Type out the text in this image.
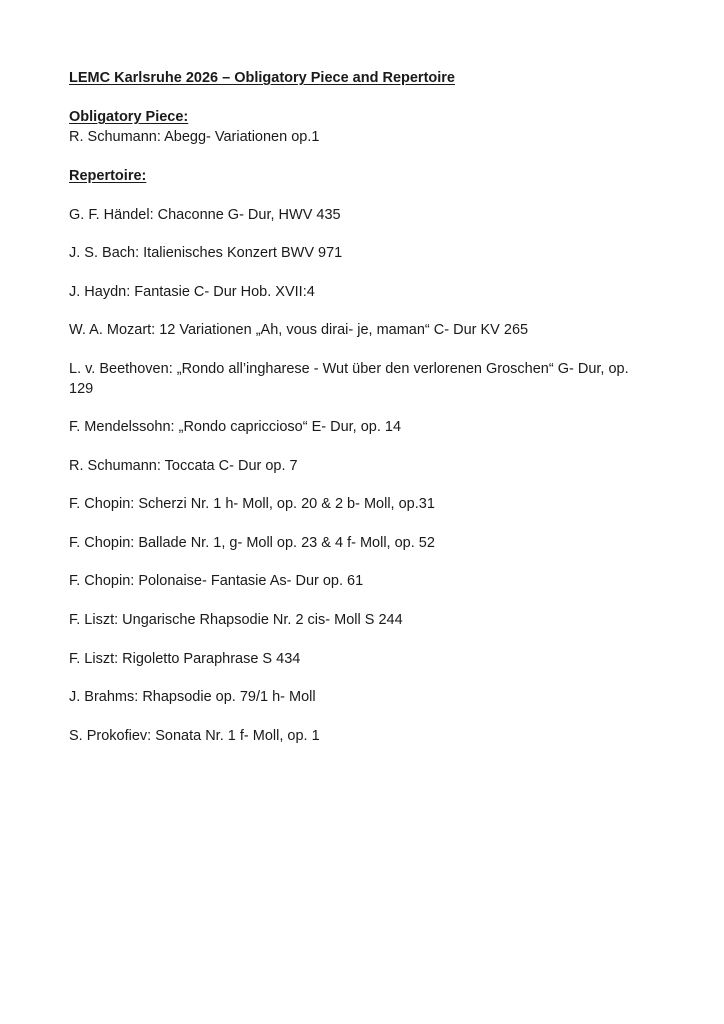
LEMC Karlsruhe 2026 – Obligatory Piece and Repertoire
Obligatory Piece:
R. Schumann: Abegg- Variationen op.1
Repertoire:
G. F. Händel: Chaconne G- Dur, HWV 435
J. S. Bach: Italienisches Konzert BWV 971
J. Haydn: Fantasie C- Dur Hob. XVII:4
W. A. Mozart: 12 Variationen „Ah, vous dirai- je, maman“ C- Dur KV 265
L. v. Beethoven: „Rondo all’ingharese - Wut über den verlorenen Groschen“ G- Dur, op. 129
F. Mendelssohn: „Rondo capriccioso“ E- Dur, op. 14
R. Schumann: Toccata C- Dur op. 7
F. Chopin: Scherzi Nr. 1 h- Moll, op. 20 & 2 b- Moll, op.31
F. Chopin: Ballade Nr. 1, g- Moll op. 23 & 4 f- Moll, op. 52
F. Chopin: Polonaise- Fantasie As- Dur op. 61
F. Liszt: Ungarische Rhapsodie Nr. 2 cis- Moll S 244
F. Liszt: Rigoletto Paraphrase S 434
J. Brahms: Rhapsodie op. 79/1 h- Moll
S. Prokofiev: Sonata Nr. 1 f- Moll, op. 1
